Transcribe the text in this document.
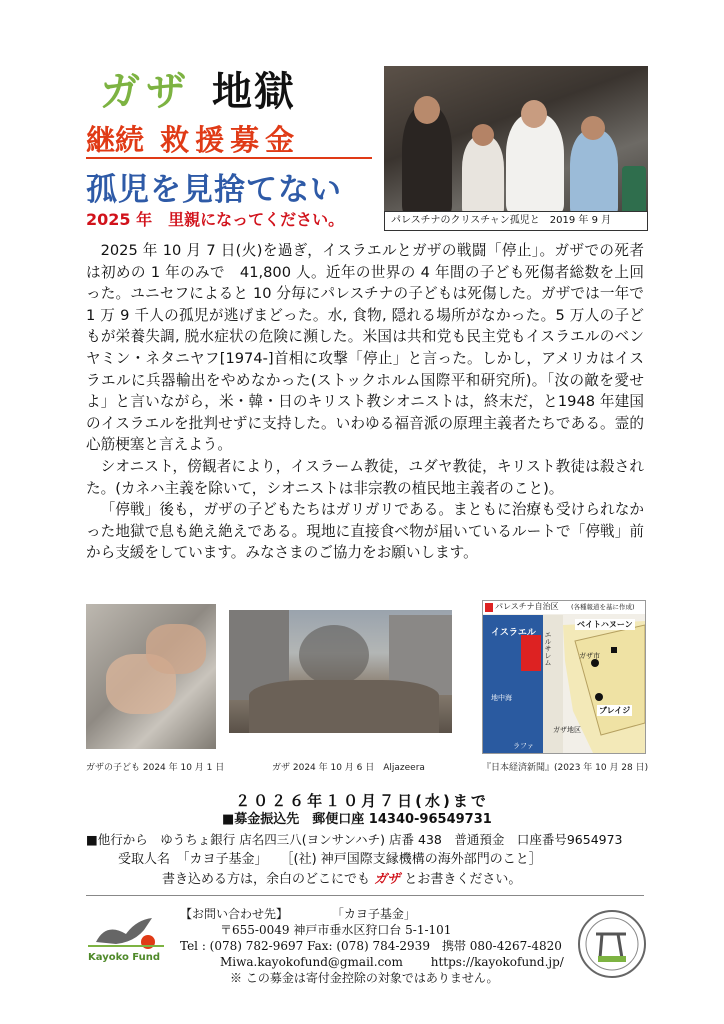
ガザ 地獄
継続 救援募金
孤児を見捨てない
2025 年　里親になってください。	パレスチナのクリスチャン孤児と　2019 年 9 月

2025 年 10 月 7 日(火)を過ぎ，イスラエルとガザの戦闘「停止」。ガザでの死者は初めの 1 年のみで　41,800 人。近年の世界の 4 年間の子ども死傷者総数を上回った。ユニセフによると 10 分毎にパレスチナの子どもは死傷した。ガザでは一年で 1 万 9 千人の孤児が逃げまどった。水, 食物, 隠れる場所がなかった。5 万人の子どもが栄養失調, 脱水症状の危険に瀕した。米国は共和党も民主党もイスラエルのベンヤミン・ネタニヤフ[1974-]首相に攻撃「停止」と言った。しかし，アメリカはイスラエルに兵器輸出をやめなかった(ストックホルム国際平和研究所)。「汝の敵を愛せよ」と言いながら，米・韓・日のキリスト教シオニストは，終末だ，と1948 年建国のイスラエルを批判せずに支持した。いわゆる福音派の原理主義者たちである。霊的心筋梗塞と言えよう。

シオニスト，傍観者により，イスラーム教徒，ユダヤ教徒，キリスト教徒は殺された。(カネハ主義を除いて，シオニストは非宗教の植民地主義者のこと)。

「停戦」後も，ガザの子どもたちはガリガリである。まともに治療も受けられなかった地獄で息も絶え絶えである。現地に直接食べ物が届いているルートで「停戦」前から支緩をしています。みなさまのご協力をお願いします。

パレスチナ自治区 (各種報道を基に作成)
イスラエル エルサレム
ベイトハヌーン
ガザ市
ブレイジ
ガザ地区
地中海
ラファ
ガザの子ども 2024 年 10 月 1 日	ガザ 2024 年 10 月 6 日　Aljazeera	『日本経済新聞』(2023 年 10 月 28 日)
２０２６年１０月７日(水)まで
■募金振込先　郵便口座 14340-96549731
■他行から　ゆうちょ銀行 店名四三八(ヨンサンハチ) 店番 438　普通預金　口座番号9654973
受取人名　「カヨ子基金」　　［(社) 神戸国際支縁機構の海外部門のこと］
書き込める方は，余白のどこにでも ガザ とお書きください。
Kayoko Fund
【お問い合わせ先】	「カヨ子基金」
〒655-0049 神戸市垂水区狩口台 5-1-101
Tel : (078) 782-9697 Fax: (078) 784-2939　携帯 080-4267-4820
Miwa.kayokofund@gmail.com https://kayokofund.jp/
※ この募金は寄付金控除の対象ではありません。
